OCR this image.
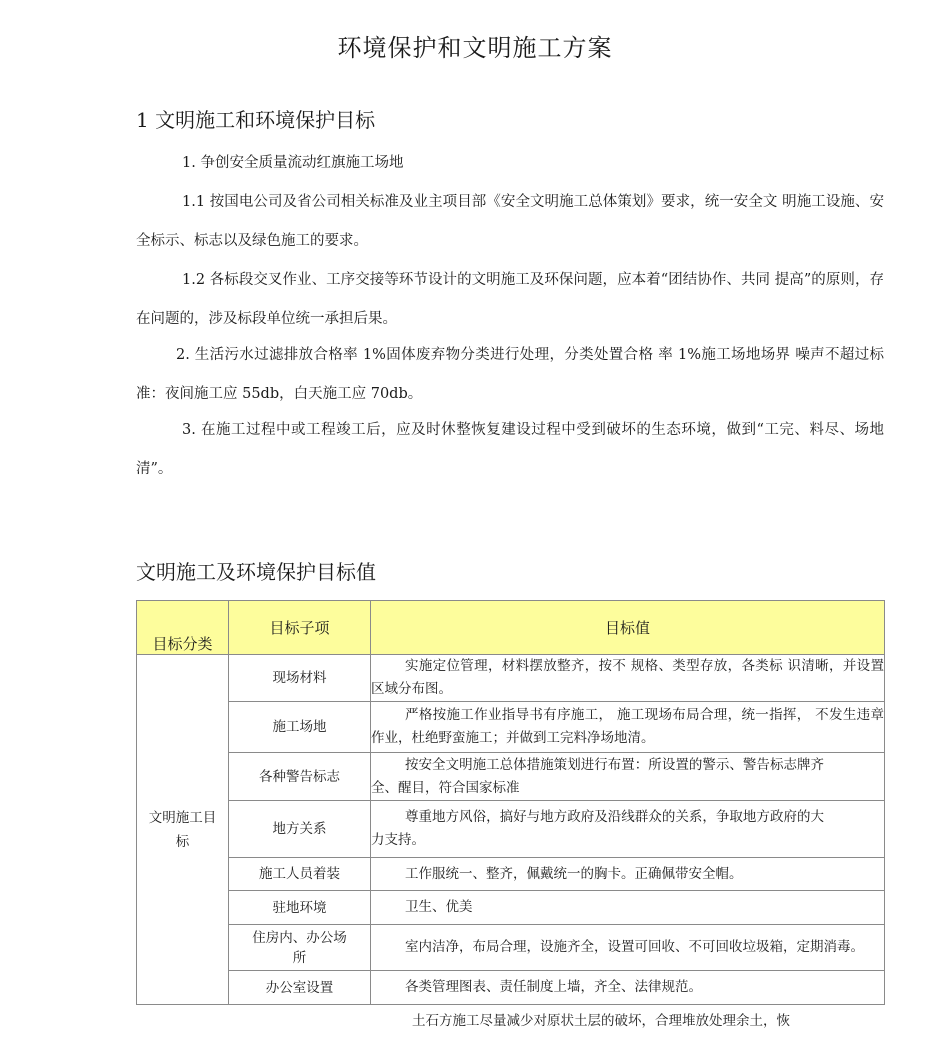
环境保护和文明施工方案
1 文明施工和环境保护目标

1. 争创安全质量流动红旗施工场地

1.1 按国电公司及省公司相关标准及业主项目部《安全文明施工总体策划》要求，统一安全文 明施工设施、安全标示、标志以及绿色施工的要求。

1.2 各标段交叉作业、工序交接等环节设计的文明施工及环保问题，应本着“团结协作、共同 提高”的原则，存在问题的，涉及标段单位统一承担后果。

2. 生活污水过滤排放合格率 1%固体废弃物分类进行处理，分类处置合格 率 1%施工场地场界 噪声不超过标准：夜间施工应 55db，白天施工应 70db。

3. 在施工过程中或工程竣工后，应及时休整恢复建设过程中受到破坏的生态环境，做到“工完、料尽、场地清”。

文明施工及环境保护目标值
目标分类	目标子项	目标值

文明施工目标	现场材料	实施定位管理，材料摆放整齐，按不 规格、类型存放，各类标 识清晰，并设置区域分布图。
	施工场地	严格按施工作业指导书有序施工， 施工现场布局合理，统一指挥， 不发生违章作业，杜绝野蛮施工；并做到工完料净场地清。
	各种警告标志	按安全文明施工总体措施策划进行布置：所设置的警示、警告标志牌齐全、醒目，符合国家标准
	地方关系	尊重地方风俗，搞好与地方政府及沿线群众的关系，争取地方政府的大力支持。
	施工人员着装	工作服统一、整齐，佩戴统一的胸卡。正确佩带安全帽。
	驻地环境	卫生、优美

	住房内、办公场所	室内洁净，布局合理，设施齐全，设置可回收、不可回收垃圾箱，定期消毒。
	办公室设置	各类管理图表、责任制度上墙，齐全、法律规范。

土石方施工尽量减少对原状土层的破坏，合理堆放处理余土，恢
